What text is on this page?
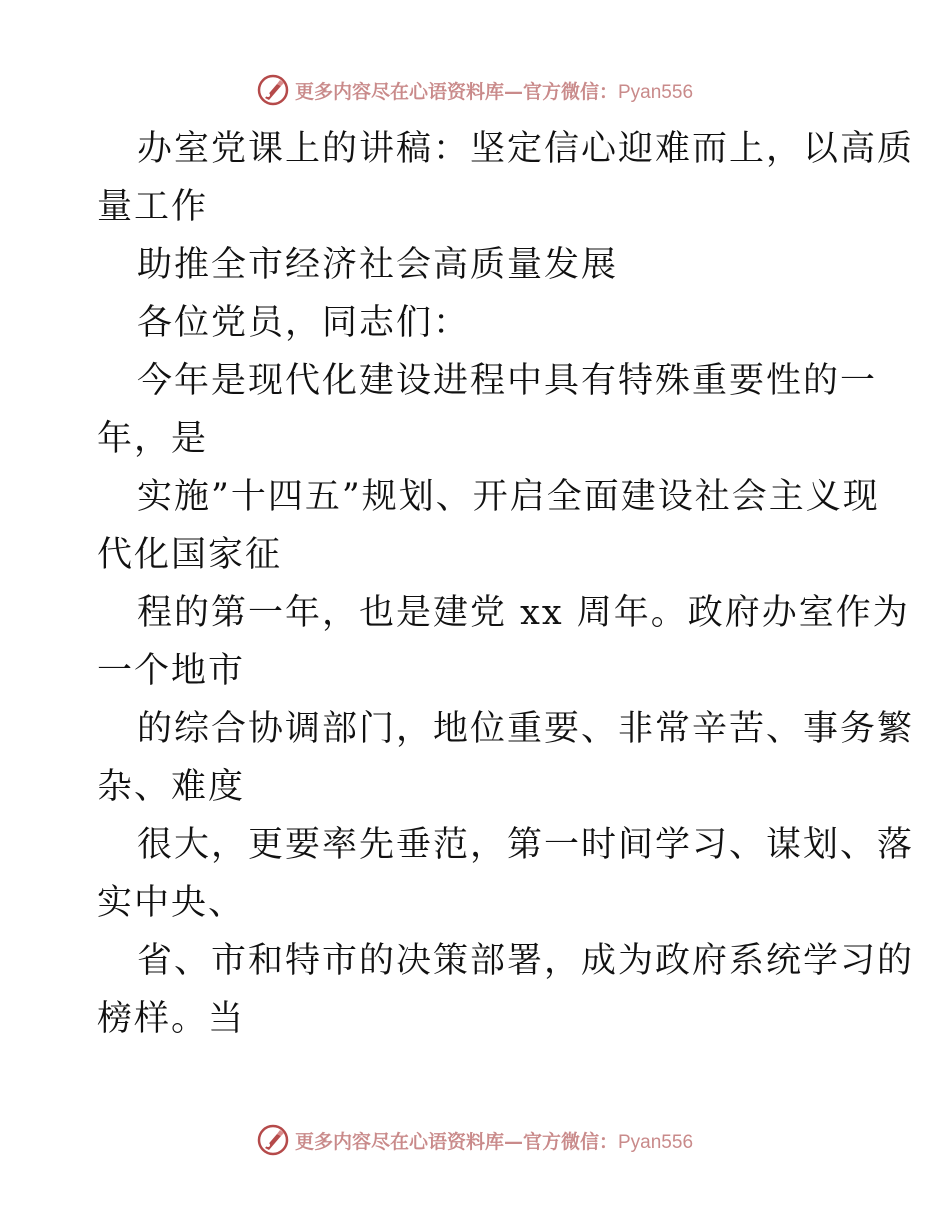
更多内容尽在心语资料库—官方微信：Pyan556
办室党课上的讲稿：坚定信心迎难而上，以高质
量工作
助推全市经济社会高质量发展
各位党员，同志们：
今年是现代化建设进程中具有特殊重要性的一
年，是
实施”十四五”规划、开启全面建设社会主义现
代化国家征
程的第一年，也是建党 xx 周年。政府办室作为
一个地市
的综合协调部门，地位重要、非常辛苦、事务繁
杂、难度
很大，更要率先垂范，第一时间学习、谋划、落
实中央、
省、市和特市的决策部署，成为政府系统学习的
榜样。当
更多内容尽在心语资料库—官方微信：Pyan556
